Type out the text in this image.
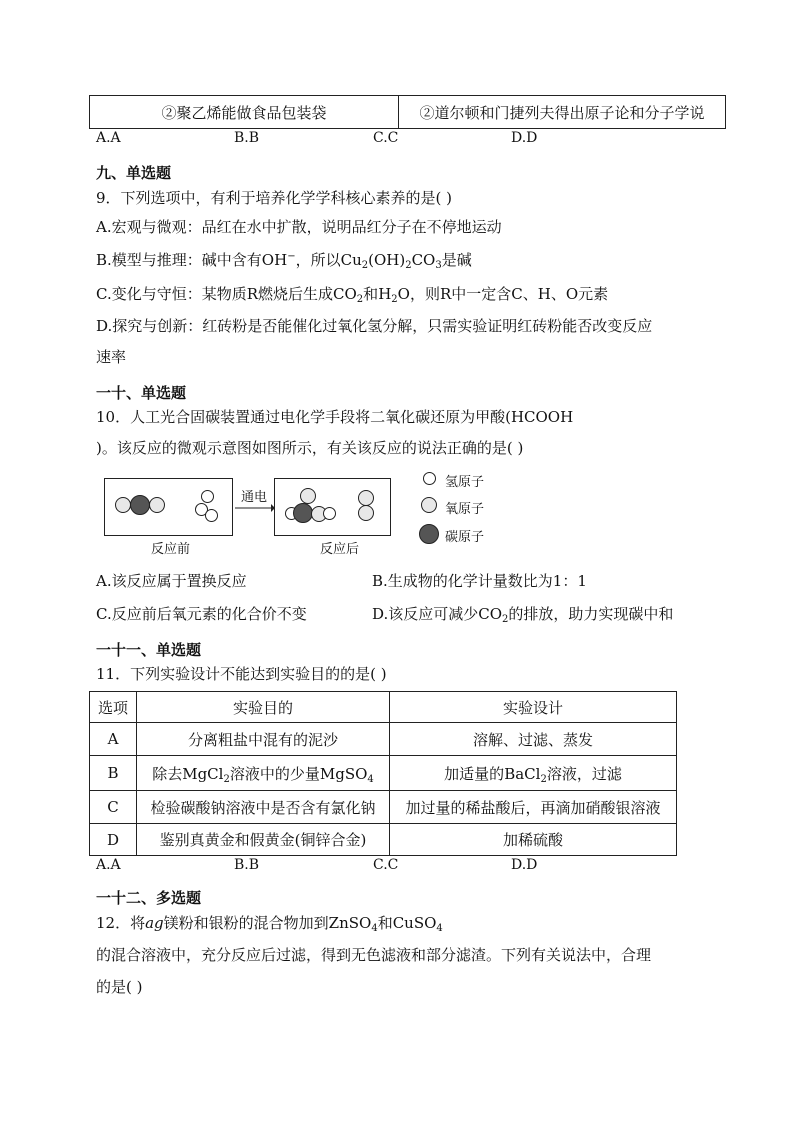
②聚乙烯能做食品包装袋	②道尔顿和门捷列夫得出原子论和分子学说
A.A	B.B	C.C	D.D
九、单选题
9．下列选项中，有利于培养化学学科核心素养的是( )
A.宏观与微观：品红在水中扩散，说明品红分子在不停地运动
B.模型与推理：碱中含有OH−，所以$Cu_2(OH)_2CO_3$是碱
C.变化与守恒：某物质R燃烧后生成$CO_2$和$H_2O$，则R中一定含C、H、O元素
D.探究与创新：红砖粉是否能催化过氧化氢分解，只需实验证明红砖粉能否改变反应
速率
一十、单选题
10．人工光合固碳装置通过电化学手段将二氧化碳还原为甲酸(HCOOH
)。该反应的微观示意图如图所示，有关该反应的说法正确的是( )
通电
反应前	反应后
氢原子
氧原子
碳原子
A.该反应属于置换反应	B.生成物的化学计量数比为1：1
C.反应前后氧元素的化合价不变	D.该反应可减少$CO_2$的排放，助力实现碳中和
一十一、单选题
11．下列实验设计不能达到实验目的的是( )
选项	实验目的	实验设计
A	分离粗盐中混有的泥沙	溶解、过滤、蒸发
B	除去MgCl$_2$溶液中的少量MgSO$_4$	加适量的BaCl$_2$溶液，过滤
C	检验碳酸钠溶液中是否含有氯化钠	加过量的稀盐酸后，再滴加硝酸银溶液
D	鉴别真黄金和假黄金(铜锌合金)	加稀硫酸
A.A	B.B	C.C	D.D
一十二、多选题
12．将ag镁粉和银粉的混合物加到ZnSO$_4$和CuSO$_4$
的混合溶液中，充分反应后过滤，得到无色滤液和部分滤渣。下列有关说法中，合理
的是( )
